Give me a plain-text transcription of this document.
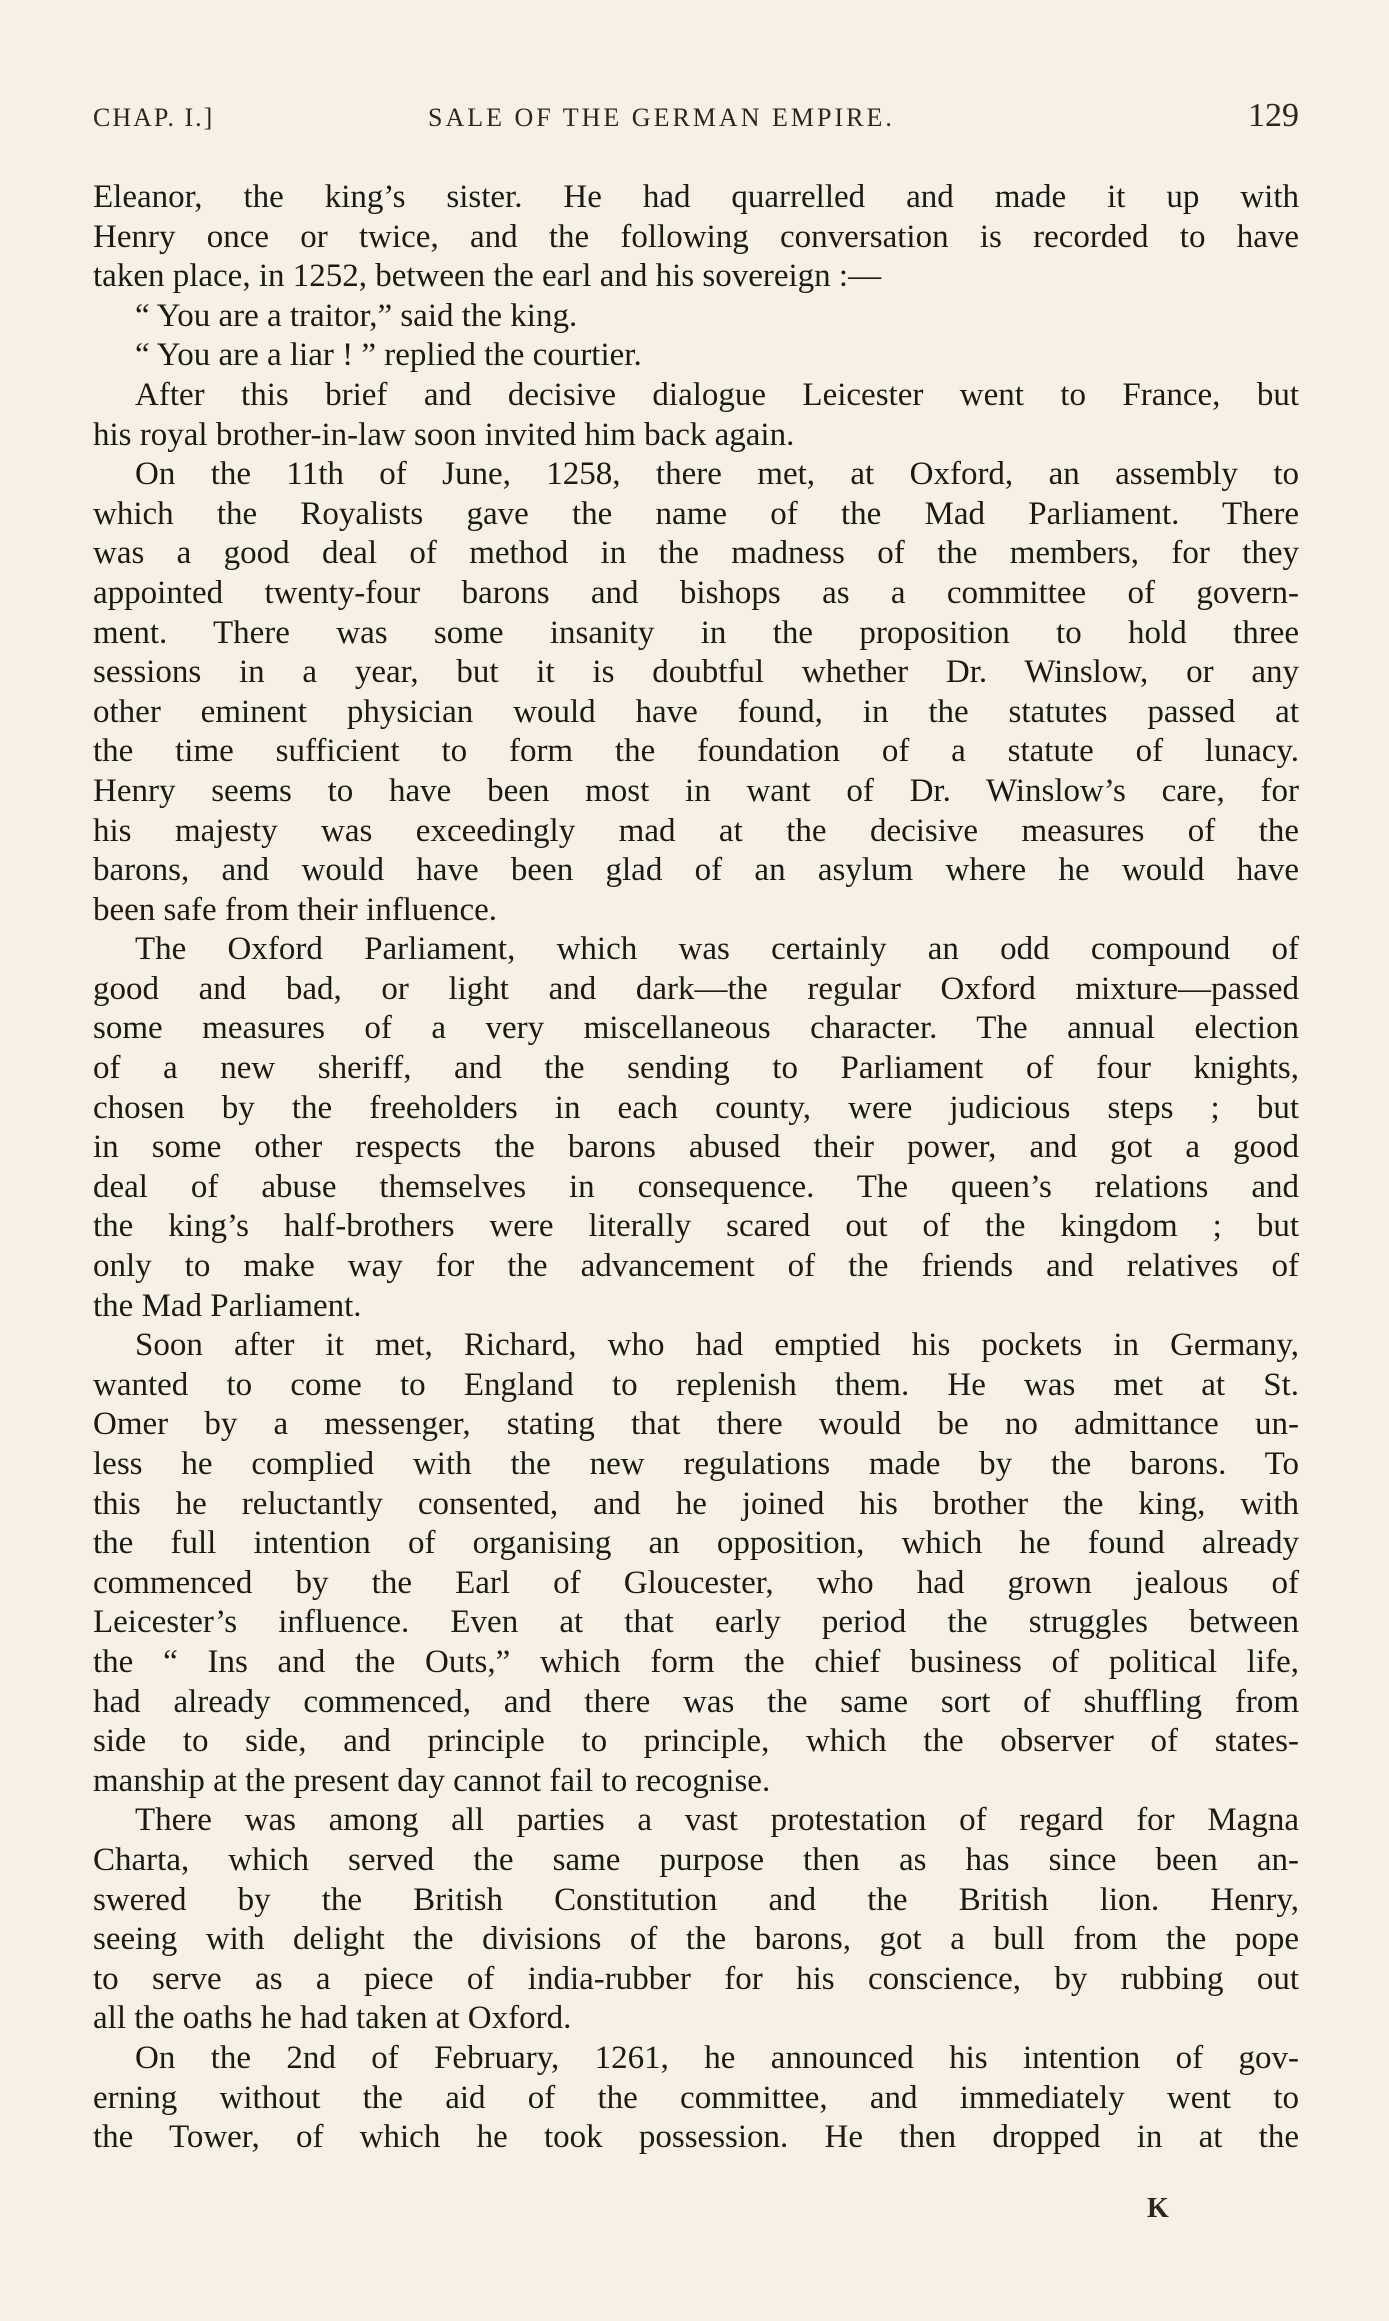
CHAP. I.]	SALE OF THE GERMAN EMPIRE.	129
Eleanor, the king’s sister. He had quarrelled and made it up with
Henry once or twice, and the following conversation is recorded to have
taken place, in 1252, between the earl and his sovereign :—
“ You are a traitor,” said the king.
“ You are a liar ! ” replied the courtier.
After this brief and decisive dialogue Leicester went to France, but
his royal brother-in-law soon invited him back again.
On the 11th of June, 1258, there met, at Oxford, an assembly to
which the Royalists gave the name of the Mad Parliament. There
was a good deal of method in the madness of the members, for they
appointed twenty-four barons and bishops as a committee of govern-
ment. There was some insanity in the proposition to hold three
sessions in a year, but it is doubtful whether Dr. Winslow, or any
other eminent physician would have found, in the statutes passed at
the time sufficient to form the foundation of a statute of lunacy.
Henry seems to have been most in want of Dr. Winslow’s care, for
his majesty was exceedingly mad at the decisive measures of the
barons, and would have been glad of an asylum where he would have
been safe from their influence.
The Oxford Parliament, which was certainly an odd compound of
good and bad, or light and dark—the regular Oxford mixture—passed
some measures of a very miscellaneous character. The annual election
of a new sheriff, and the sending to Parliament of four knights,
chosen by the freeholders in each county, were judicious steps ; but
in some other respects the barons abused their power, and got a good
deal of abuse themselves in consequence. The queen’s relations and
the king’s half-brothers were literally scared out of the kingdom ; but
only to make way for the advancement of the friends and relatives of
the Mad Parliament.
Soon after it met, Richard, who had emptied his pockets in Germany,
wanted to come to England to replenish them. He was met at St.
Omer by a messenger, stating that there would be no admittance un-
less he complied with the new regulations made by the barons. To
this he reluctantly consented, and he joined his brother the king, with
the full intention of organising an opposition, which he found already
commenced by the Earl of Gloucester, who had grown jealous of
Leicester’s influence. Even at that early period the struggles between
the “ Ins and the Outs,” which form the chief business of political life,
had already commenced, and there was the same sort of shuffling from
side to side, and principle to principle, which the observer of states-
manship at the present day cannot fail to recognise.
There was among all parties a vast protestation of regard for Magna
Charta, which served the same purpose then as has since been an-
swered by the British Constitution and the British lion. Henry,
seeing with delight the divisions of the barons, got a bull from the pope
to serve as a piece of india-rubber for his conscience, by rubbing out
all the oaths he had taken at Oxford.
On the 2nd of February, 1261, he announced his intention of gov-
erning without the aid of the committee, and immediately went to
the Tower, of which he took possession. He then dropped in at the
K
